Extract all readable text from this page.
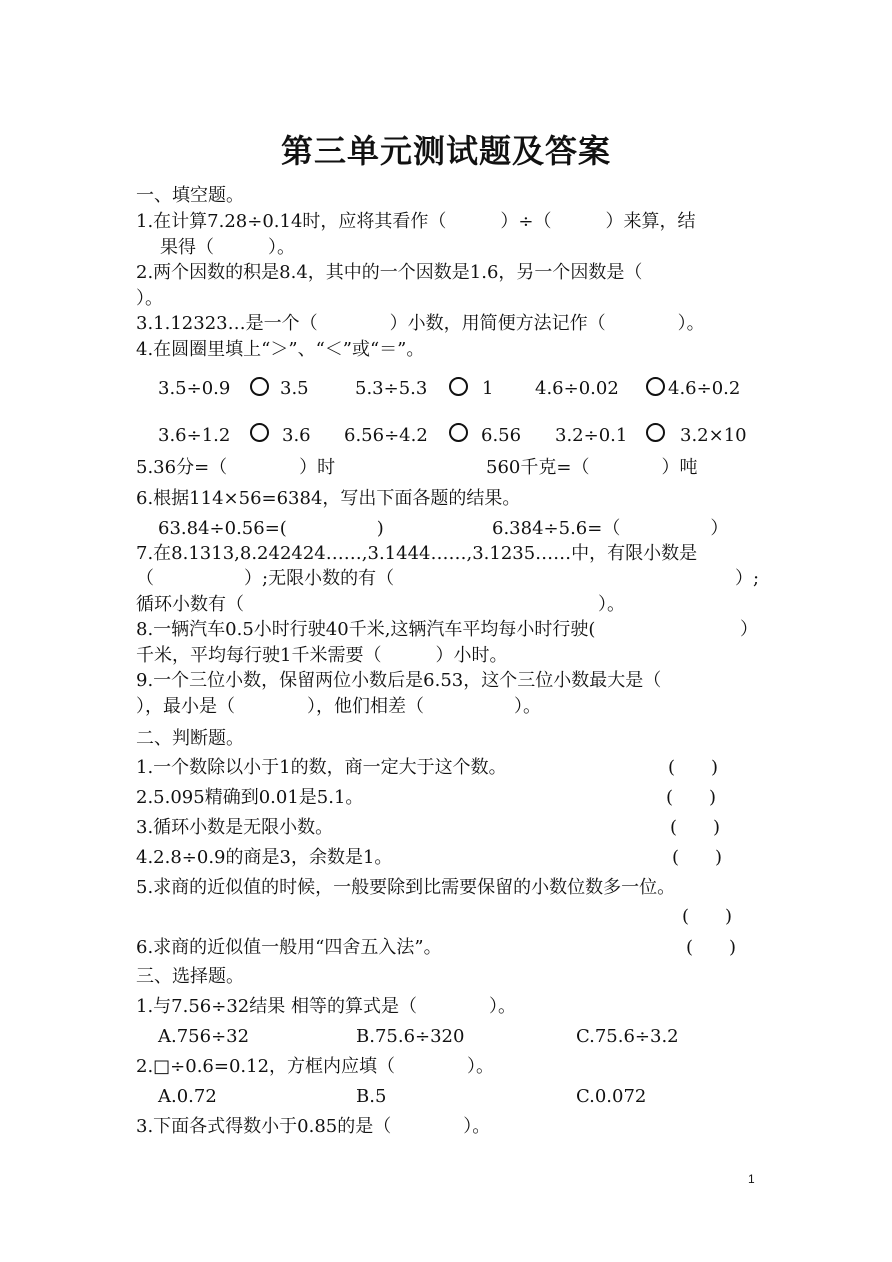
第三单元测试题及答案
一、填空题。
1.在计算7.28÷0.14时，应将其看作（　　　）÷（　　　）来算，结
果得（　　　）。
2.两个因数的积是8.4，其中的一个因数是1.6，另一个因数是（
）。
3.1.12323…是一个（　　　　）小数，用简便方法记作（　　　　）。
4.在圆圈里填上“＞”、“＜”或“＝”。
3.5÷0.9	3.5	5.3÷5.3	1 4.6÷0.02	4.6÷0.2
3.6÷1.2	3.6 6.56÷4.2	6.56 3.2÷0.1	3.2×10
5.36分=（　　　　）时	560千克=（　　　　）吨
6.根据114×56=6384，写出下面各题的结果。
63.84÷0.56=(　　　　　)	6.384÷5.6=（　　　　　）
7.在8.1313,8.242424……,3.1444……,3.1235……中，有限小数是
（　　　　　）;无限小数的有（	）;
循环小数有（	）。
8.一辆汽车0.5小时行驶40千米,这辆汽车平均每小时行驶(	）
千米，平均每行驶1千米需要（　　　）小时。
9.一个三位小数，保留两位小数后是6.53，这个三位小数最大是（
），最小是（　　　　），他们相差（　　　　　）。
二、判断题。
1.一个数除以小于1的数，商一定大于这个数。	(　　)
2.5.095精确到0.01是5.1。	(　　)
3.循环小数是无限小数。	(　　)
4.2.8÷0.9的商是3，余数是1。	(　　)
5.求商的近似值的时候，一般要除到比需要保留的小数位数多一位。
(　　)
6.求商的近似值一般用“四舍五入法”。	(　　)
三、选择题。
1.与7.56÷32结果 相等的算式是（　　　　）。
A.756÷32	B.75.6÷320	C.75.6÷3.2
2.□÷0.6=0.12，方框内应填（　　　　）。
A.0.72	B.5	C.0.072
3.下面各式得数小于0.85的是（　　　　）。
1
